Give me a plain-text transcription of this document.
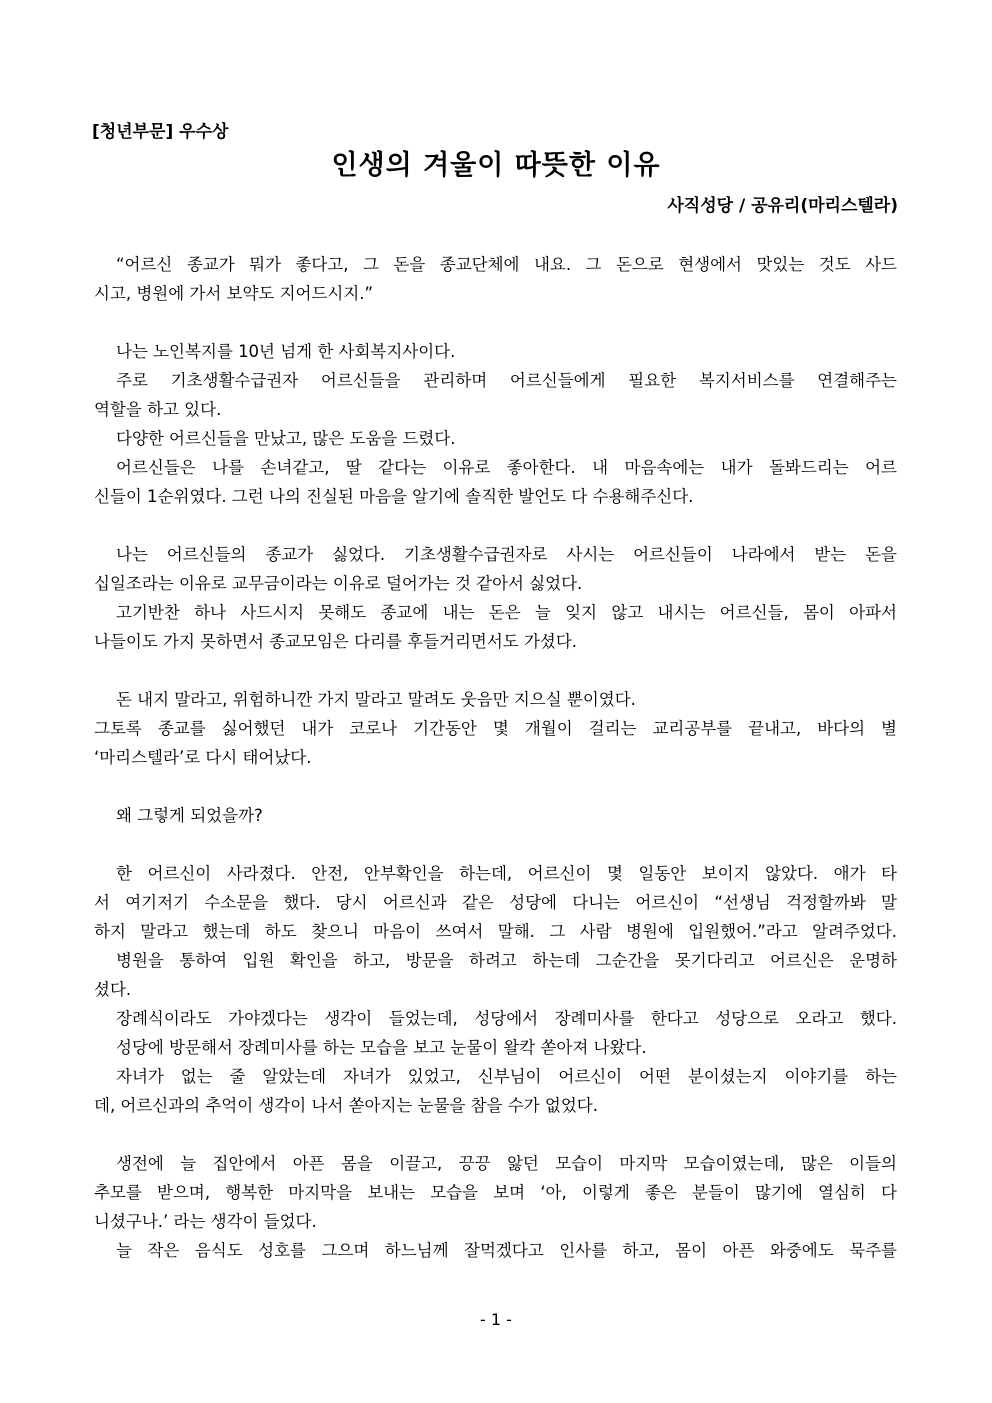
[청년부문] 우수상
인생의 겨울이 따뜻한 이유
사직성당 / 공유리(마리스텔라)
“어르신 종교가 뭐가 좋다고, 그 돈을 종교단체에 내요. 그 돈으로 현생에서 맛있는 것도 사드
시고, 병원에 가서 보약도 지어드시지.”
나는 노인복지를 10년 넘게 한 사회복지사이다.
주로 기초생활수급권자 어르신들을 관리하며 어르신들에게 필요한 복지서비스를 연결해주는
역할을 하고 있다.
다양한 어르신들을 만났고, 많은 도움을 드렸다.
어르신들은 나를 손녀같고, 딸 같다는 이유로 좋아한다. 내 마음속에는 내가 돌봐드리는 어르
신들이 1순위였다. 그런 나의 진실된 마음을 알기에 솔직한 발언도 다 수용해주신다.
나는 어르신들의 종교가 싫었다. 기초생활수급권자로 사시는 어르신들이 나라에서 받는 돈을
십일조라는 이유로 교무금이라는 이유로 덜어가는 것 같아서 싫었다.
고기반찬 하나 사드시지 못해도 종교에 내는 돈은 늘 잊지 않고 내시는 어르신들, 몸이 아파서
나들이도 가지 못하면서 종교모임은 다리를 후들거리면서도 가셨다.
돈 내지 말라고, 위험하니깐 가지 말라고 말려도 웃음만 지으실 뿐이였다.
그토록 종교를 싫어했던 내가 코로나 기간동안 몇 개월이 걸리는 교리공부를 끝내고, 바다의 별
‘마리스텔라’로 다시 태어났다.
왜 그렇게 되었을까?
한 어르신이 사라졌다. 안전, 안부확인을 하는데, 어르신이 몇 일동안 보이지 않았다. 애가 타
서 여기저기 수소문을 했다. 당시 어르신과 같은 성당에 다니는 어르신이 “선생님 걱정할까봐 말
하지 말라고 했는데 하도 찾으니 마음이 쓰여서 말해. 그 사람 병원에 입원했어.”라고 알려주었다.
병원을 통하여 입원 확인을 하고, 방문을 하려고 하는데 그순간을 못기다리고 어르신은 운명하
셨다.
장례식이라도 가야겠다는 생각이 들었는데, 성당에서 장례미사를 한다고 성당으로 오라고 했다.
성당에 방문해서 장례미사를 하는 모습을 보고 눈물이 왈칵 쏟아져 나왔다.
자녀가 없는 줄 알았는데 자녀가 있었고, 신부님이 어르신이 어떤 분이셨는지 이야기를 하는
데, 어르신과의 추억이 생각이 나서 쏟아지는 눈물을 참을 수가 없었다.
생전에 늘 집안에서 아픈 몸을 이끌고, 끙끙 앓던 모습이 마지막 모습이였는데, 많은 이들의
추모를 받으며, 행복한 마지막을 보내는 모습을 보며 ‘아, 이렇게 좋은 분들이 많기에 열심히 다
니셨구나.’ 라는 생각이 들었다.
늘 작은 음식도 성호를 그으며 하느님께 잘먹겠다고 인사를 하고, 몸이 아픈 와중에도 묵주를
- 1 -
